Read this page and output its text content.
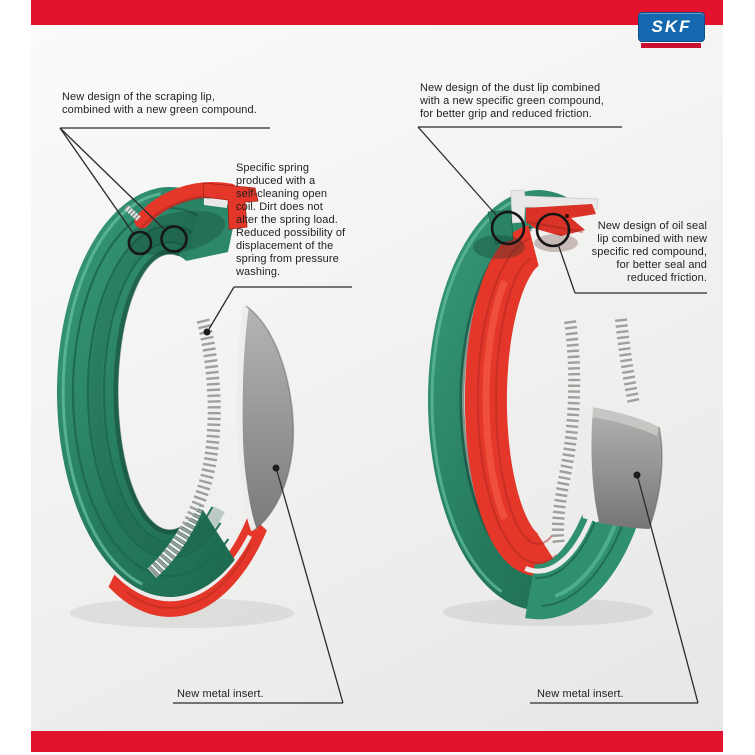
SKF
New design of the scraping lip,
combined with a new green compound.
New design of the dust lip combined
with a new specific green compound,
for better grip and reduced friction.
Specific spring
produced with a
self-cleaning open
coil. Dirt does not
alter the spring load.
Reduced possibility of
displacement of the
spring from pressure
washing.
New design of oil seal
lip combined with new
specific red compound,
for better seal and
reduced friction.
New metal insert.	New metal insert.
